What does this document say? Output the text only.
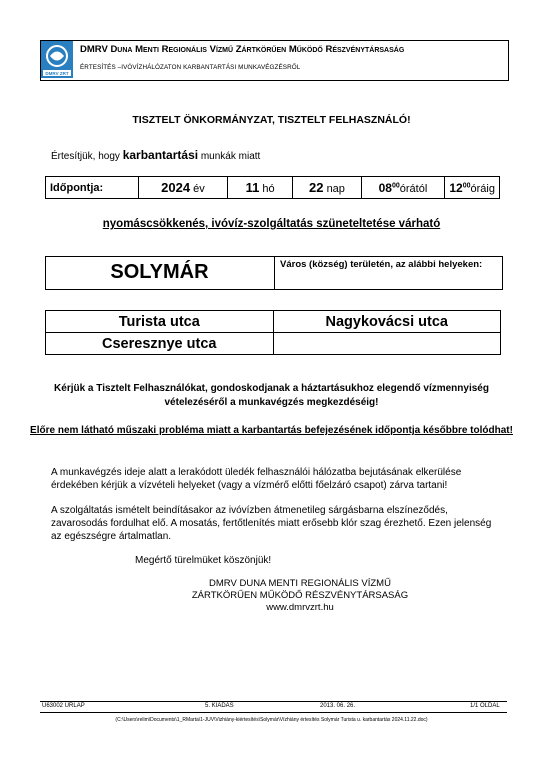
DMRV ZRT
DMRV Duna Menti Regionális Vízmű Zártkörűen Működő Részvénytársaság
ÉRTESÍTÉS –IVÓVÍZHÁLÓZATON KARBANTARTÁSI MUNKAVÉGZÉSRŐL
TISZTELT ÖNKORMÁNYZAT, TISZTELT FELHASZNÁLÓ!
Értesítjük, hogy karbantartási munkák miatt
Időpontja:	2024 év	11 hó	22 nap	$08^{00}órától$	$12^{00}óráig$
nyomáscsökkenés, ivóvíz-szolgáltatás szüneteltetése várható
SOLYMÁR	Város (község) területén, az alábbi helyeken:
Turista utca	Nagykovácsi utca
Cseresznye utca	
Kérjük a Tisztelt Felhasználókat, gondoskodjanak a háztartásukhoz elegendő vízmennyiség vételezéséről a munkavégzés megkezdéséig!
Előre nem látható műszaki probléma miatt a karbantartás befejezésének időpontja későbbre tolódhat!
A munkavégzés ideje alatt a lerakódott üledék felhasználói hálózatba bejutásának elkerülése érdekében kérjük a vízvételi helyeket (vagy a vízmérő előtti főelzáró csapot) zárva tartani!
A szolgáltatás ismételt beindításakor az ivóvízben átmenetileg sárgásbarna elszíneződés, zavarosodás fordulhat elő. A mosatás, fertőtlenítés miatt erősebb klór szag érezhető. Ezen jelenség az egészségre ártalmatlan.
Megértő türelmüket köszönjük!
DMRV DUNA MENTI REGIONÁLIS VÍZMŰ
ZÁRTKÖRŰEN MŰKÖDŐ RÉSZVÉNYTÁRSASÁG
www.dmrvzrt.hu
Ü63002 ŰRLAP	5. KIADÁS	2013. 06. 26.	1/1 OLDAL
(C:\Users\relim\Documents\1_RMarta\1-JUV\Vizhiány-kiértesítés\Solymár\Vízhiány értesítés Solymár Turista u. karbantartás 2024.11.22.doc)
